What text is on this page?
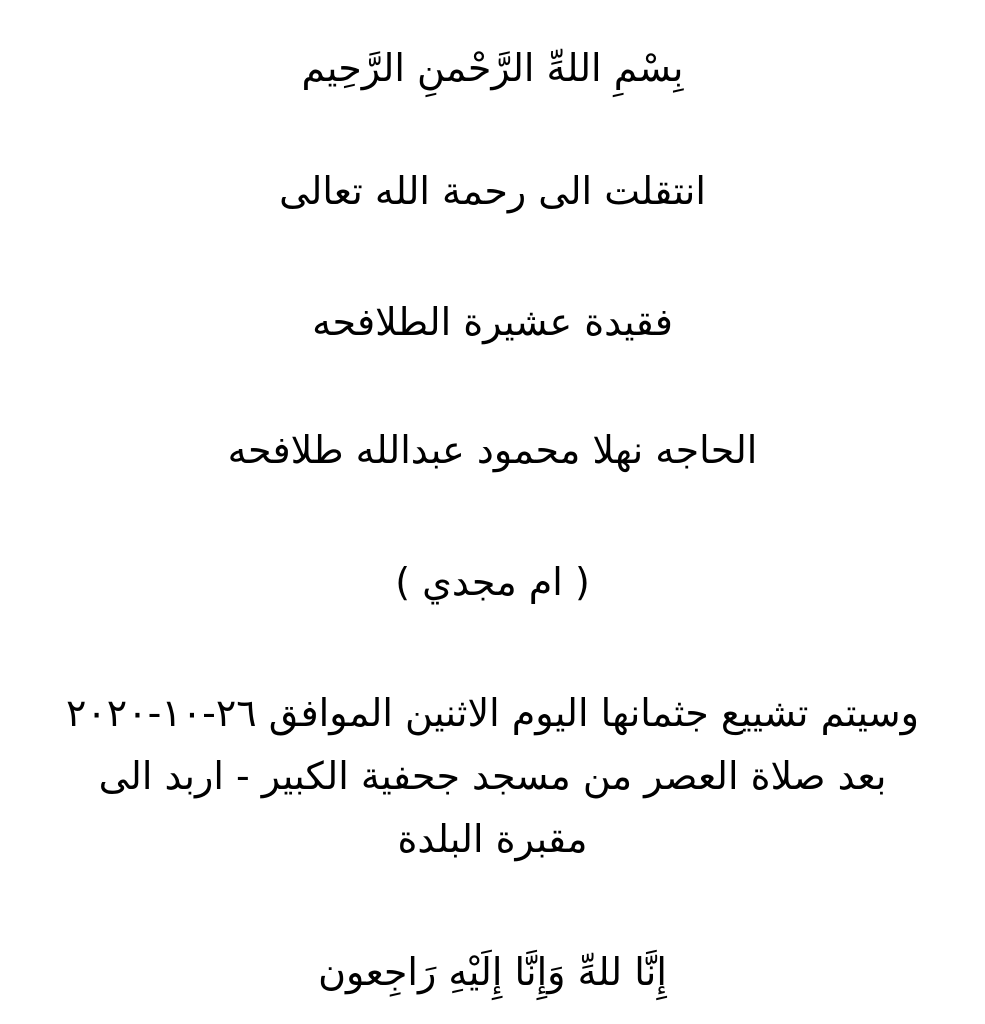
بِسْمِ اللهِّ الرَّحْمنِ الرَّحِيم
انتقلت الى رحمة الله تعالى
فقيدة عشيرة الطلافحه
الحاجه نهلا محمود عبدالله طلافحه
( ام مجدي )
وسيتم تشييع جثمانها اليوم الاثنين الموافق ٢٦-١٠-٢٠٢٠
بعد صلاة العصر من مسجد جحفية الكبير - اربد الى
مقبرة البلدة
إِنَّا للهِّ وَإِنَّا إِلَيْهِ رَاجِعون
